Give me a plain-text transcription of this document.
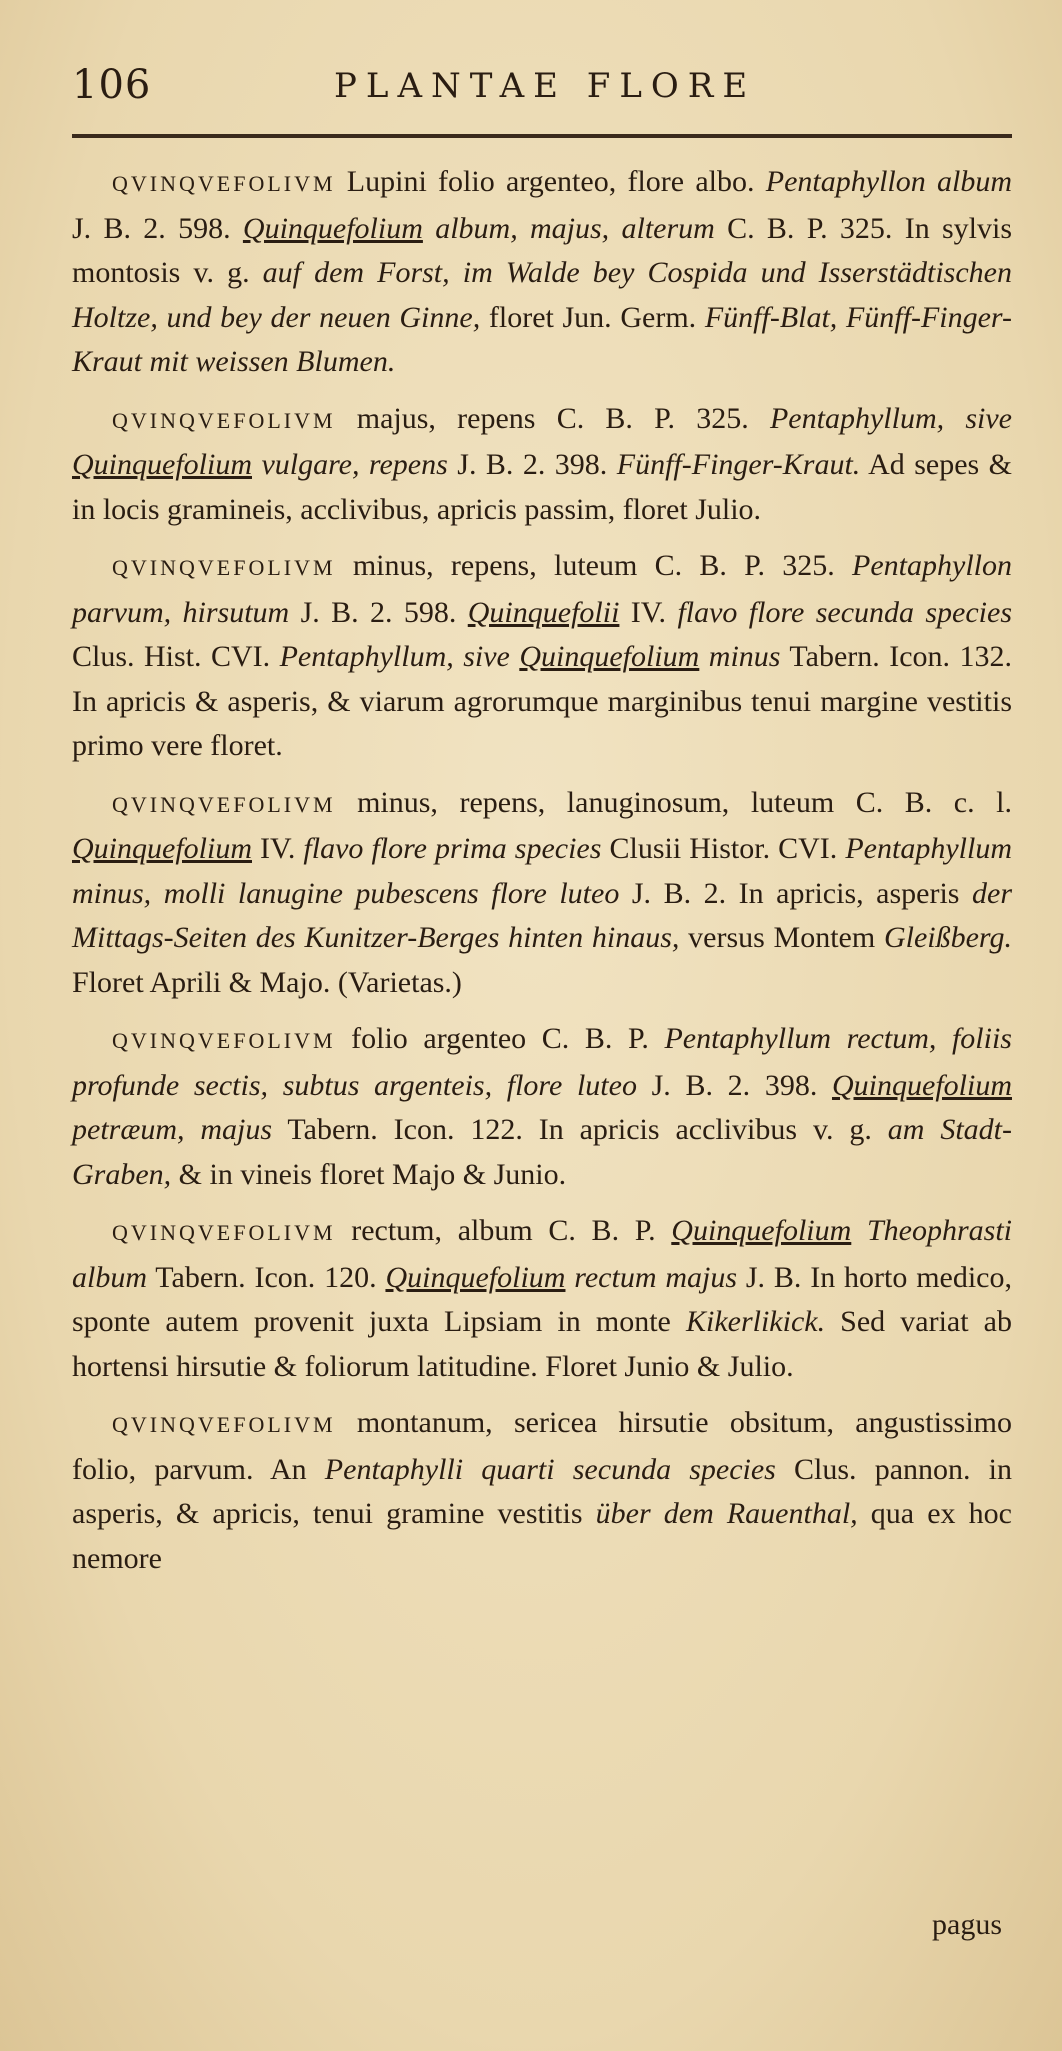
106	PLANTAE FLORE

QVINQVEFOLIVM Lupini folio argenteo, flore albo. Pentaphyllon album J. B. 2. 598. Quinquefolium album, majus, alterum C. B. P. 325. In sylvis montosis v. g. auf dem Forst, im Walde bey Cospida und Isserstädtischen Holtze, und bey der neuen Ginne, floret Jun. Germ. Fünff-Blat, Fünff-Finger-Kraut mit weissen Blumen.

QVINQVEFOLIVM majus, repens C. B. P. 325. Pentaphyllum, sive Quinquefolium vulgare, repens J. B. 2. 398. Fünff-Finger-Kraut. Ad sepes & in locis gramineis, acclivibus, apricis passim, floret Julio.

QVINQVEFOLIVM minus, repens, luteum C. B. P. 325. Pentaphyllon parvum, hirsutum J. B. 2. 598. Quinquefolii IV. flavo flore secunda species Clus. Hist. CVI. Pentaphyllum, sive Quinquefolium minus Tabern. Icon. 132. In apricis & asperis, & viarum agrorumque marginibus tenui margine vestitis primo vere floret.

QVINQVEFOLIVM minus, repens, lanuginosum, luteum C. B. c. l. Quinquefolium IV. flavo flore prima species Clusii Histor. CVI. Pentaphyllum minus, molli lanugine pubescens flore luteo J. B. 2. In apricis, asperis der Mittags-Seiten des Kunitzer-Berges hinten hinaus, versus Montem Gleißberg. Floret Aprili & Majo. (Varietas.)

QVINQVEFOLIVM folio argenteo C. B. P. Pentaphyllum rectum, foliis profunde sectis, subtus argenteis, flore luteo J. B. 2. 398. Quinquefolium petræum, majus Tabern. Icon. 122. In apricis acclivibus v. g. am Stadt-Graben, & in vineis floret Majo & Junio.

QVINQVEFOLIVM rectum, album C. B. P. Quinquefolium Theophrasti album Tabern. Icon. 120. Quinquefolium rectum majus J. B. In horto medico, sponte autem provenit juxta Lipsiam in monte Kikerlikick. Sed variat ab hortensi hirsutie & foliorum latitudine. Floret Junio & Julio.

QVINQVEFOLIVM montanum, sericea hirsutie obsitum, angustissimo folio, parvum. An Pentaphylli quarti secunda species Clus. pannon. in asperis, & apricis, tenui gramine vestitis über dem Rauenthal, qua ex hoc nemore

pagus
